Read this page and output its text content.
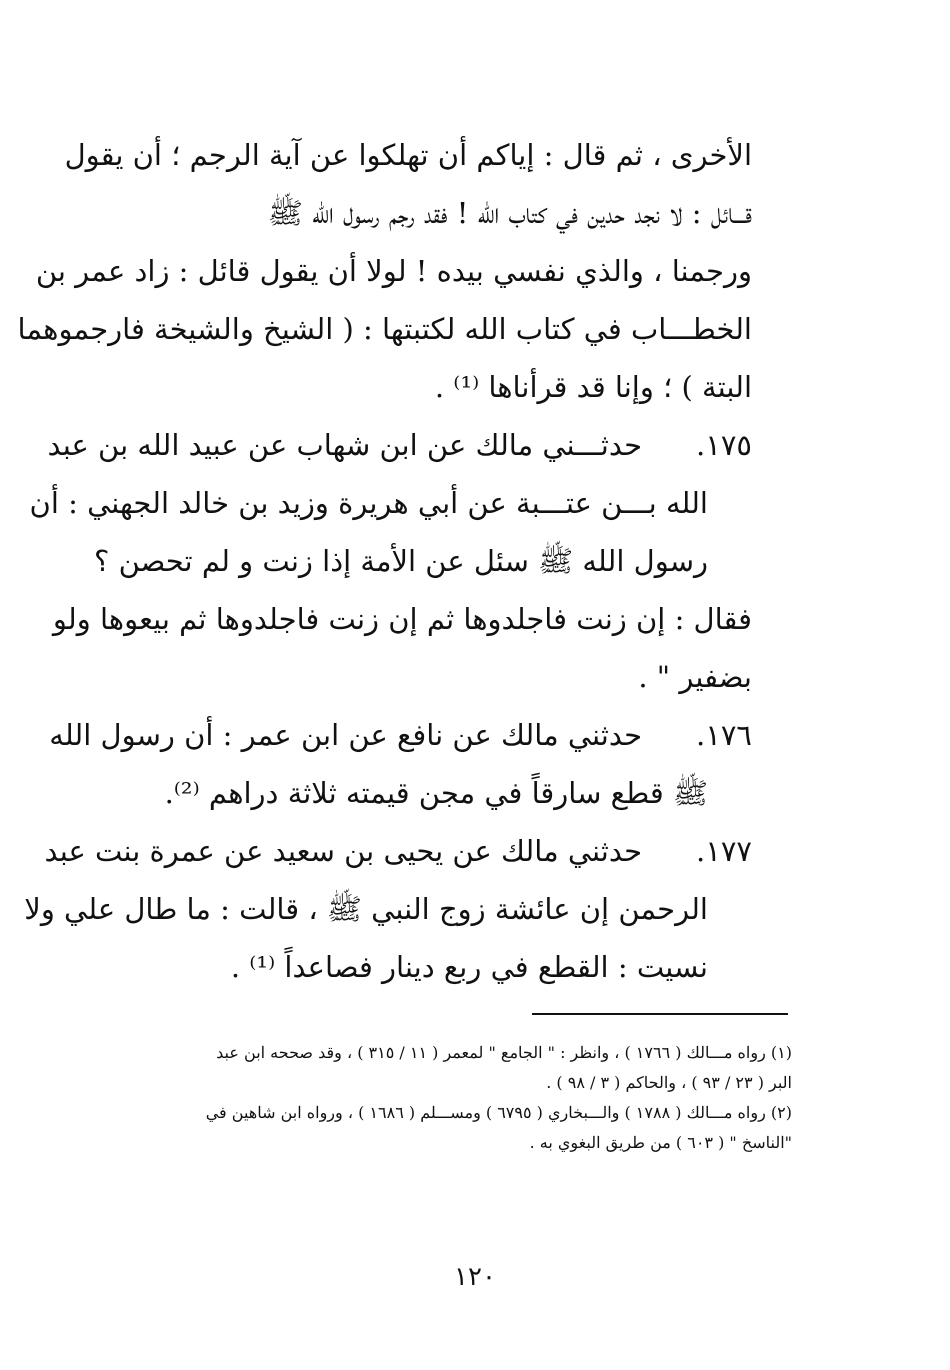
الأخرى ، ثم قال : إياكم أن تهلكوا عن آية الرجم ؛ أن يقول
قـــائل : لا نجد حدين في كتاب الله ! فقد رجم رسول الله ﷺ
ورجمنا ، والذي نفسي بيده ! لولا أن يقول قائل : زاد عمر بن
الخطـــاب في كتاب الله لكتبتها : ( الشيخ والشيخة فارجموهما
البتة ) ؛ وإنا قد قرأناها ⁽¹⁾ .
١٧٥.حدثـــني مالك عن ابن شهاب عن عبيد الله بن عبد
الله بـــن عتـــبة عن أبي هريرة وزيد بن خالد الجهني : أن
رسول الله ﷺ سئل عن الأمة إذا زنت و لم تحصن ؟
فقال : إن زنت فاجلدوها ثم إن زنت فاجلدوها ثم بيعوها ولو
بضفير " .
١٧٦.حدثني مالك عن نافع عن ابن عمر : أن رسول الله
ﷺ قطع سارقاً في مجن قيمته ثلاثة دراهم ⁽²⁾.
١٧٧.حدثني مالك عن يحيى بن سعيد عن عمرة بنت عبد
الرحمن إن عائشة زوج النبي ﷺ ، قالت : ما طال علي ولا
نسيت : القطع في ربع دينار فصاعداً ⁽¹⁾ .
(١) رواه مـــالك ( ١٧٦٦ ) ، وانظر : " الجامع " لمعمر ( ١١ / ٣١٥ ) ، وقد صححه ابن عبد
البر ( ٢٣ / ٩٣ ) ، والحاكم ( ٣ / ٩٨ ) .
(٢) رواه مـــالك ( ١٧٨٨ ) والـــبخاري ( ٦٧٩٥ ) ومســـلم ( ١٦٨٦ ) ، ورواه ابن شاهين في
"الناسخ " ( ٦٠٣ ) من طريق البغوي به .
١٢٠
